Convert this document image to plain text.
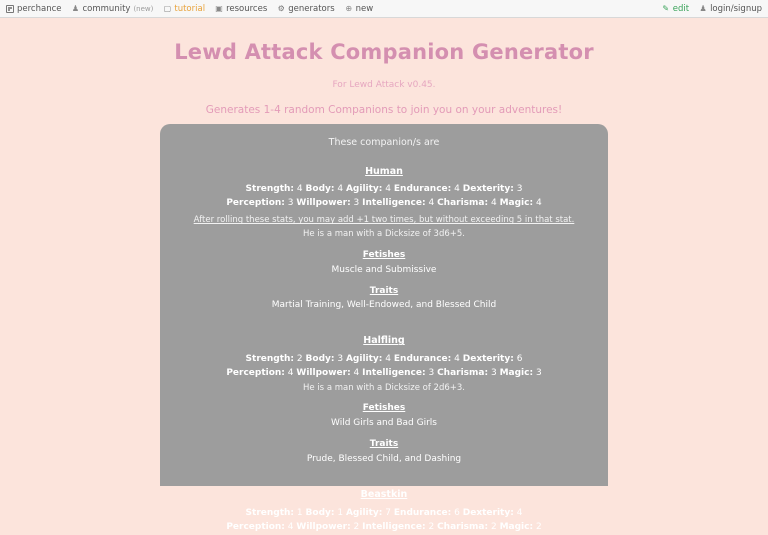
perchance ♟ community (new) ▢ tutorial ▣ resources ⚙ generators ⊕ new	✎ edit ♟ login/signup
Lewd Attack Companion Generator
For Lewd Attack v0.45.
Generates 1-4 random Companions to join you on your adventures!
These companion/s are
Human
Strength: 4 Body: 4 Agility: 4 Endurance: 4 Dexterity: 3
Perception: 3 Willpower: 3 Intelligence: 4 Charisma: 4 Magic: 4
After rolling these stats, you may add +1 two times, but without exceeding 5 in that stat.
He is a man with a Dicksize of 3d6+5.
Fetishes
Muscle and Submissive
Traits
Martial Training, Well-Endowed, and Blessed Child
Halfling
Strength: 2 Body: 3 Agility: 4 Endurance: 4 Dexterity: 6
Perception: 4 Willpower: 4 Intelligence: 3 Charisma: 3 Magic: 3
He is a man with a Dicksize of 2d6+3.
Fetishes
Wild Girls and Bad Girls
Traits
Prude, Blessed Child, and Dashing
Beastkin
Strength: 1 Body: 1 Agility: 7 Endurance: 6 Dexterity: 4
Perception: 4 Willpower: 2 Intelligence: 2 Charisma: 2 Magic: 2
